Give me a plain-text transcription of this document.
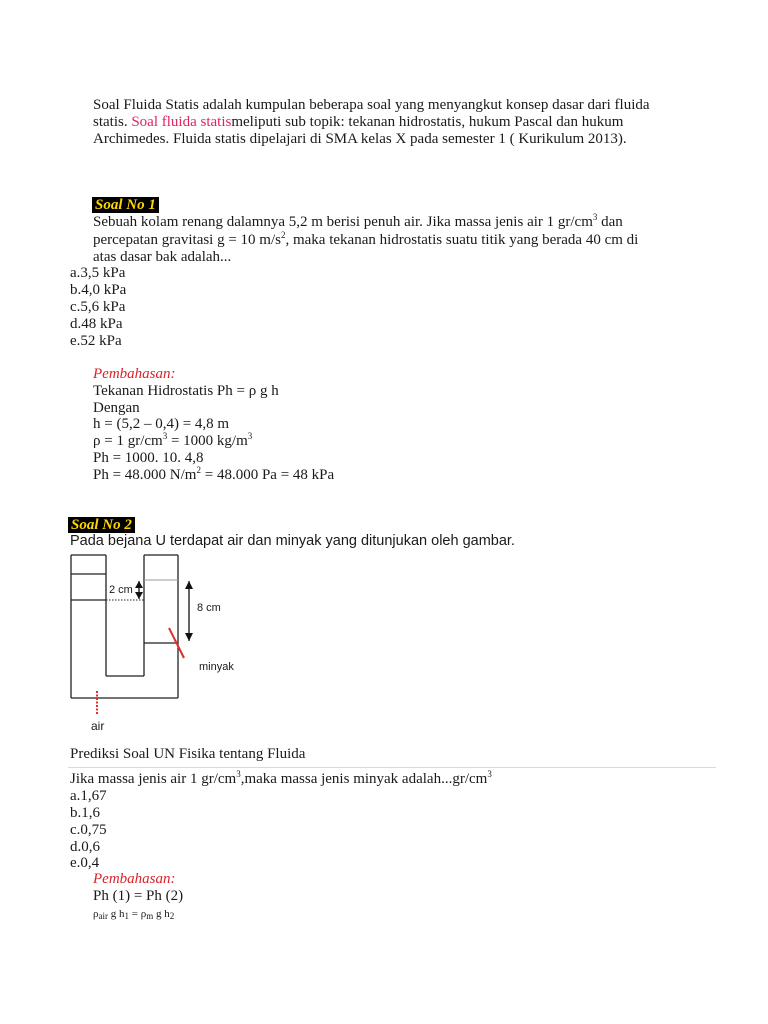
Soal Fluida Statis adalah kumpulan beberapa soal yang menyangkut konsep dasar dari fluida
statis. Soal fluida statismeliputi sub topik: tekanan hidrostatis, hukum Pascal dan hukum
Archimedes. Fluida statis dipelajari di SMA kelas X pada semester 1 ( Kurikulum 2013).
Soal No 1
Sebuah kolam renang dalamnya 5,2 m berisi penuh air. Jika massa jenis air 1 $gr/cm^3$ dan
percepatan gravitasi g = 10 $m/s^2$, maka tekanan hidrostatis suatu titik yang berada 40 cm di
atas dasar bak adalah...
a.3,5 kPa
b.4,0 kPa
c.5,6 kPa
d.48 kPa
e.52 kPa
Pembahasan:
Tekanan Hidrostatis Ph = ρ g h
Dengan
h = (5,2 – 0,4) = 4,8 m
ρ = 1 $gr/cm^3 = 1000$ $kg/m^3$
Ph = 1000. 10. 4,8
Ph = 48.000 $N/m^2 = 48.000$ Pa = 48 kPa
Soal No 2
Pada bejana U terdapat air dan minyak yang ditunjukan oleh gambar.
2 cm
8 cm
minyak
air
Prediksi Soal UN Fisika tentang Fluida
Jika massa jenis air 1 $gr/cm^3,maka$ massa jenis minyak $adalah...gr/cm^3$
a.1,67
b.1,6
c.0,75
d.0,6
e.0,4
Pembahasan:
Ph (1) = Ph (2)
$\rho_{air}$ g $h_1 = \rho_m$ g $h_2$
